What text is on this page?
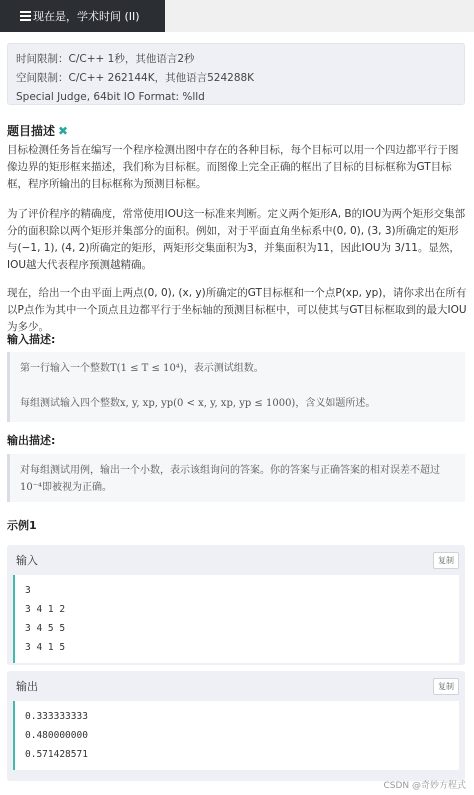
现在是，学术时间 (II)
时间限制：C/C++ 1秒，其他语言2秒
空间限制：C/C++ 262144K，其他语言524288K
Special Judge, 64bit IO Format: %lld
题目描述 ✖
目标检测任务旨在编写一个程序检测出图中存在的各种目标，每个目标可以用一个四边都平行于图像边界的矩形框来描述，我们称为目标框。而图像上完全正确的框出了目标的目标框称为GT目标框，程序所输出的目标框称为预测目标框。
为了评价程序的精确度，常常使用IOU这一标准来判断。定义两个矩形A, B的IOU为两个矩形交集部分的面积除以两个矩形并集部分的面积。例如，对于平面直角坐标系中(0, 0), (3, 3)所确定的矩形与(−1, 1), (4, 2)所确定的矩形，两矩形交集面积为3，并集面积为11，因此IOU为 3/11。显然，IOU越大代表程序预测越精确。
现在，给出一个由平面上两点(0, 0), (x, y)所确定的GT目标框和一个点P(xp, yp)，请你求出在所有以P点作为其中一个顶点且边都平行于坐标轴的预测目标框中，可以使其与GT目标框取到的最大IOU为多少。
输入描述:
第一行输入一个整数T(1 ≤ T ≤ 10⁴)，表示测试组数。
每组测试输入四个整数x, y, xp, yp(0 < x, y, xp, yp ≤ 1000)，含义如题所述。
输出描述:
对每组测试用例，输出一个小数，表示该组询问的答案。你的答案与正确答案的相对误差不超过10⁻⁴即被视为正确。
示例1
输入	复制
3
3 4 1 2
3 4 5 5
3 4 1 5
输出	复制
0.333333333
0.480000000
0.571428571
CSDN @奇妙方程式
